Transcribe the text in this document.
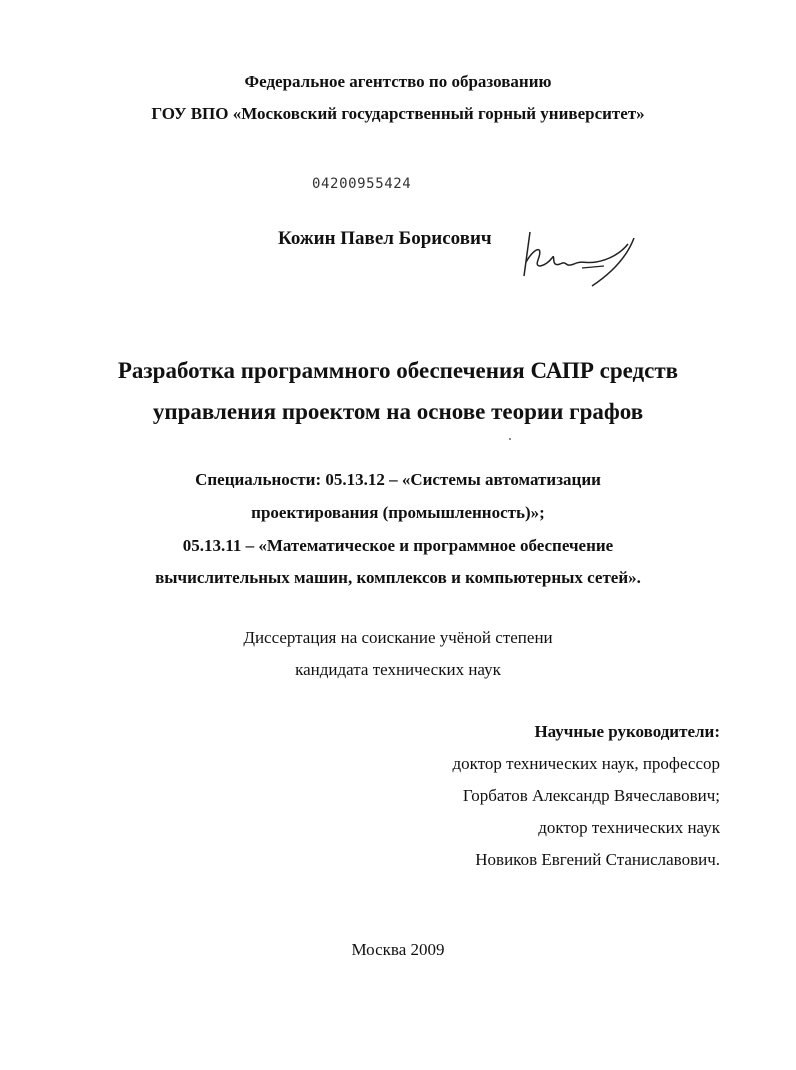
Федеральное агентство по образованию
ГОУ ВПО «Московский государственный горный университет»
04200955424
Кожин Павел Борисович
Разработка программного обеспечения САПР средств
управления проектом на основе теории графов
Специальности: 05.13.12 – «Системы автоматизации
проектирования (промышленность)»;
05.13.11 – «Математическое и программное обеспечение
вычислительных машин, комплексов и компьютерных сетей».
Диссертация на соискание учёной степени
кандидата технических наук
Научные руководители:
доктор технических наук, профессор
Горбатов Александр Вячеславович;
доктор технических наук
Новиков Евгений Станиславович.
Москва 2009
